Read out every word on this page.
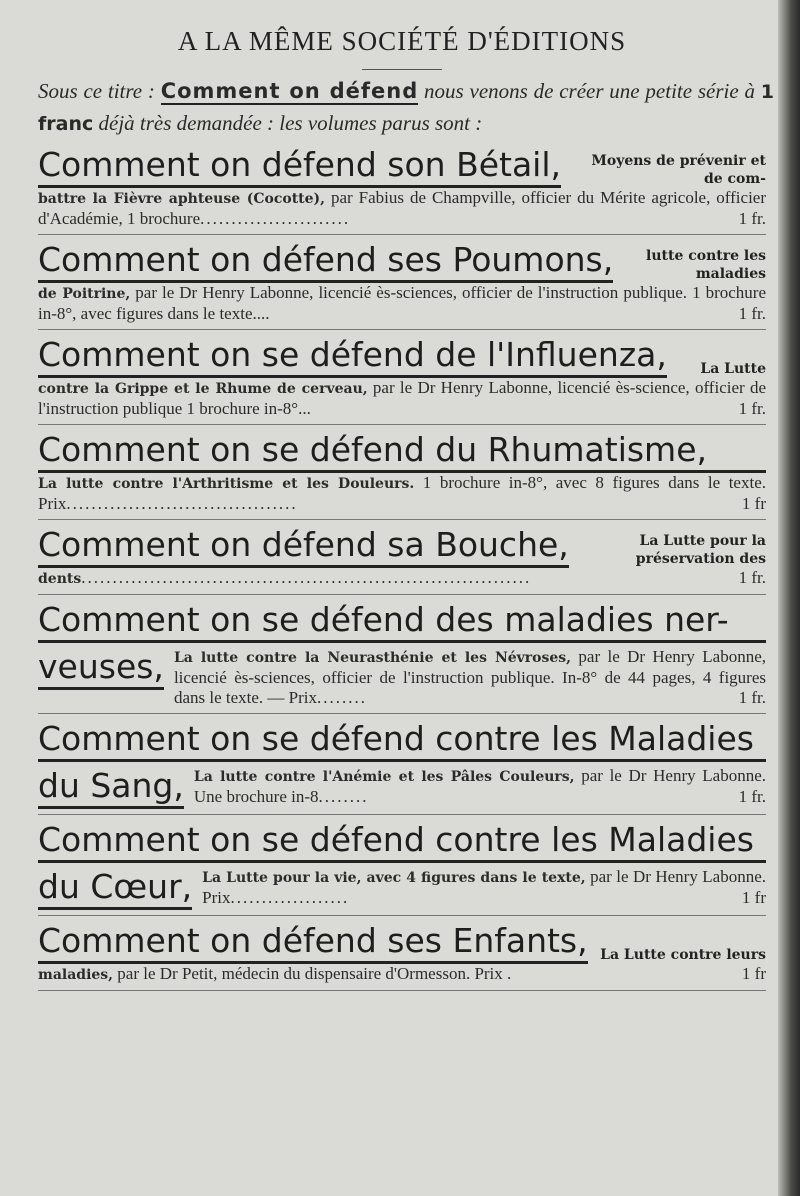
A LA MÊME SOCIÉTÉ D'ÉDITIONS
Sous ce titre : Comment on défend nous venons de créer une petite série à 1 franc déjà très demandée : les volumes parus sont :
Comment on défend son Bétail,	Moyens de prévenir et de com-
battre la Fièvre aphteuse (Cocotte), par Fabius de Champville, officier du Mérite agricole, officier d'Académie, 1 brochure........................	1 fr.
Comment on défend ses Poumons,	lutte contre les maladies
de Poitrine, par le Dr Henry Labonne, licencié ès-sciences, officier de l'instruction publique. 1 brochure in-8°, avec figures dans le texte....	1 fr.
Comment on se défend de l'Influenza,	La Lutte
contre la Grippe et le Rhume de cerveau, par le Dr Henry Labonne, licencié ès-science, officier de l'instruction publique 1 brochure in-8°...	1 fr.
Comment on se défend du Rhumatisme,
La lutte contre l'Arthritisme et les Douleurs. 1 brochure in-8°, avec 8 figures dans le texte. Prix.....................................	1 fr
Comment on défend sa Bouche,	La Lutte pour la préservation des
dents........................................................................	1 fr.
Comment on se défend des maladies ner-
veuses, La lutte contre la Neurasthénie et les Névroses, par le Dr Henry Labonne, licencié ès-sciences, officier de l'instruction publique. In-8° de 44 pages, 4 figures dans le texte. — Prix........	1 fr.
Comment on se défend contre les Maladies
du Sang, La lutte contre l'Anémie et les Pâles Couleurs, par le Dr Henry Labonne. Une brochure in-8........	1 fr.
Comment on se défend contre les Maladies
du Cœur, La Lutte pour la vie, avec 4 figures dans le texte, par le Dr Henry Labonne. Prix...................	1 fr
Comment on défend ses Enfants, La Lutte contre leurs
maladies, par le Dr Petit, médecin du dispensaire d'Ormesson. Prix .	1 fr
